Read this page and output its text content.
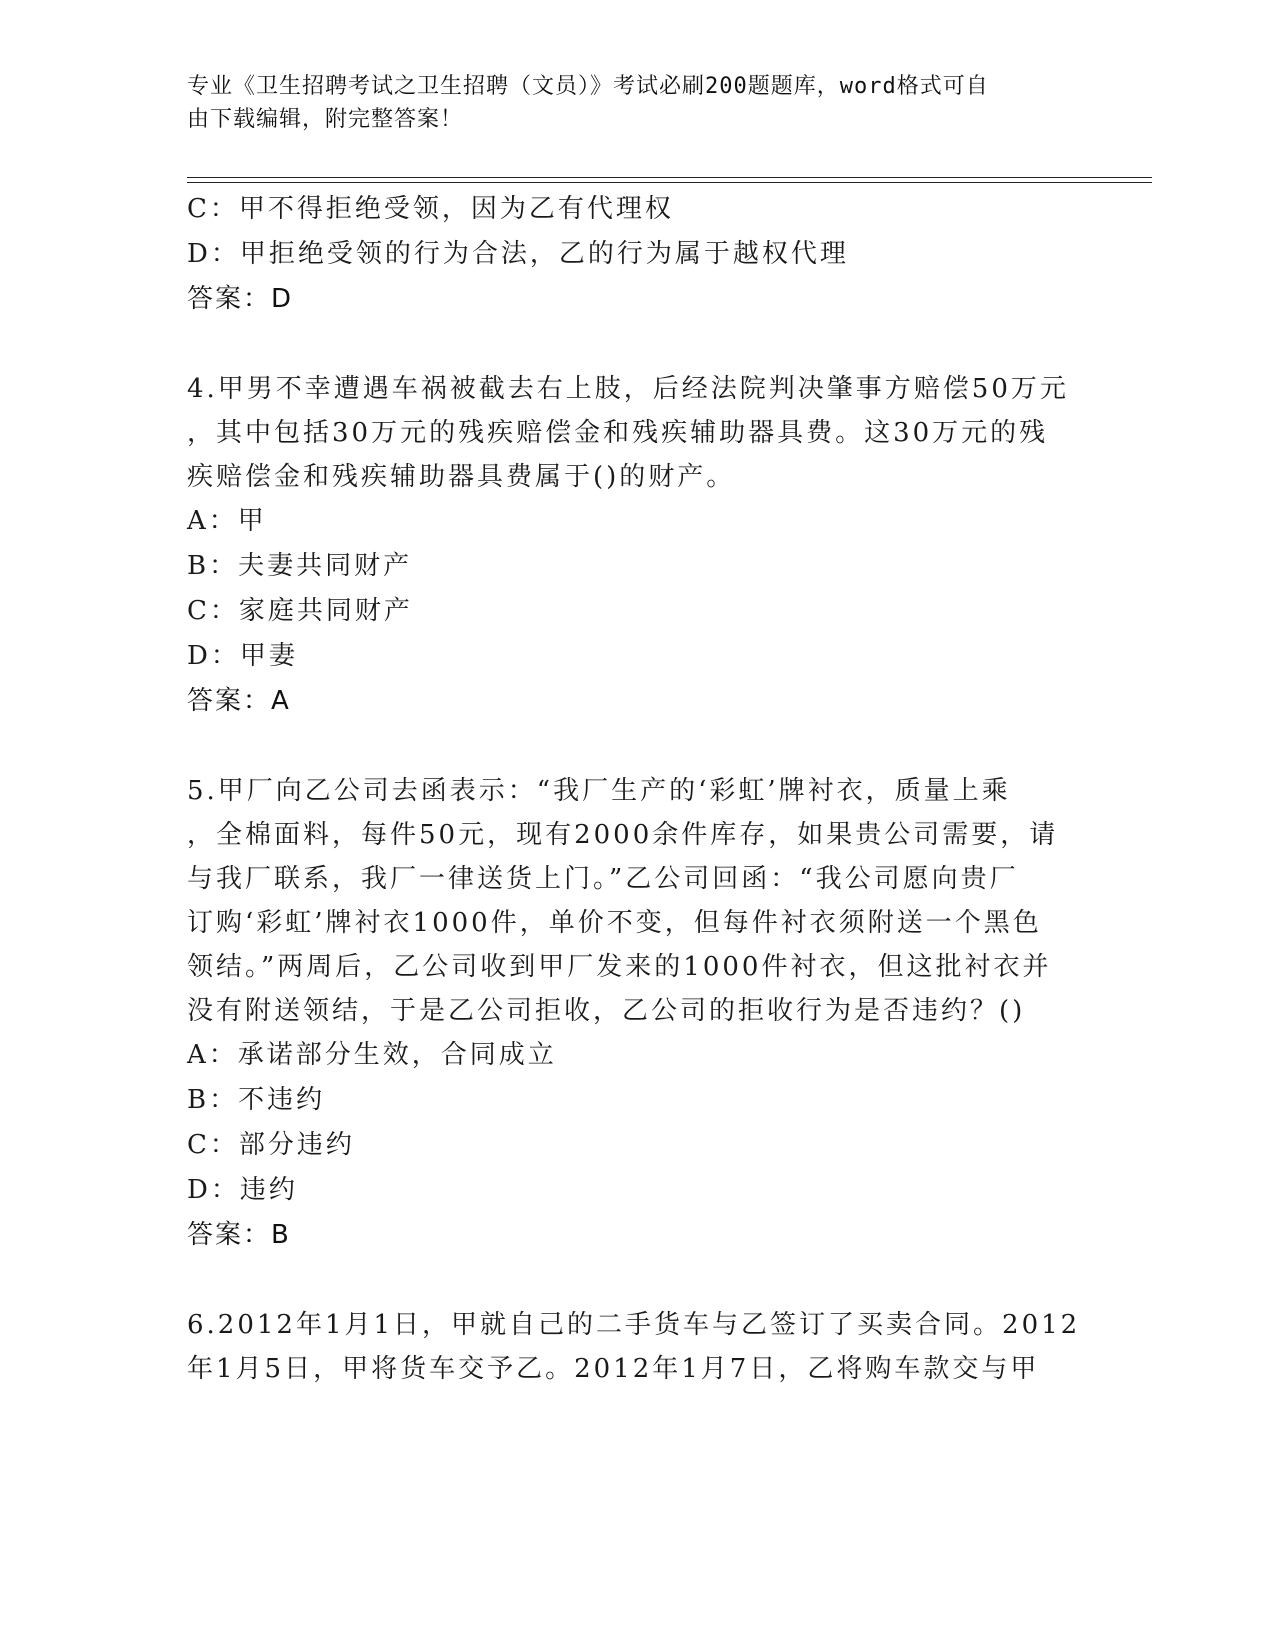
专业《卫生招聘考试之卫生招聘（文员）》考试必刷200题题库，word格式可自
由下载编辑，附完整答案！
C：甲不得拒绝受领，因为乙有代理权
D：甲拒绝受领的行为合法，乙的行为属于越权代理
答案：D
4.甲男不幸遭遇车祸被截去右上肢，后经法院判决肇事方赔偿50万元
，其中包括30万元的残疾赔偿金和残疾辅助器具费。这30万元的残
疾赔偿金和残疾辅助器具费属于()的财产。
A：甲
B：夫妻共同财产
C：家庭共同财产
D：甲妻
答案：A
5.甲厂向乙公司去函表示：“我厂生产的‘彩虹’牌衬衣，质量上乘
，全棉面料，每件50元，现有2000余件库存，如果贵公司需要，请
与我厂联系，我厂一律送货上门。”乙公司回函：“我公司愿向贵厂
订购‘彩虹’牌衬衣1000件，单价不变，但每件衬衣须附送一个黑色
领结。”两周后，乙公司收到甲厂发来的1000件衬衣，但这批衬衣并
没有附送领结，于是乙公司拒收，乙公司的拒收行为是否违约？()
A：承诺部分生效，合同成立
B：不违约
C：部分违约
D：违约
答案：B
6.2012年1月1日，甲就自己的二手货车与乙签订了买卖合同。2012
年1月5日，甲将货车交予乙。2012年1月7日，乙将购车款交与甲
